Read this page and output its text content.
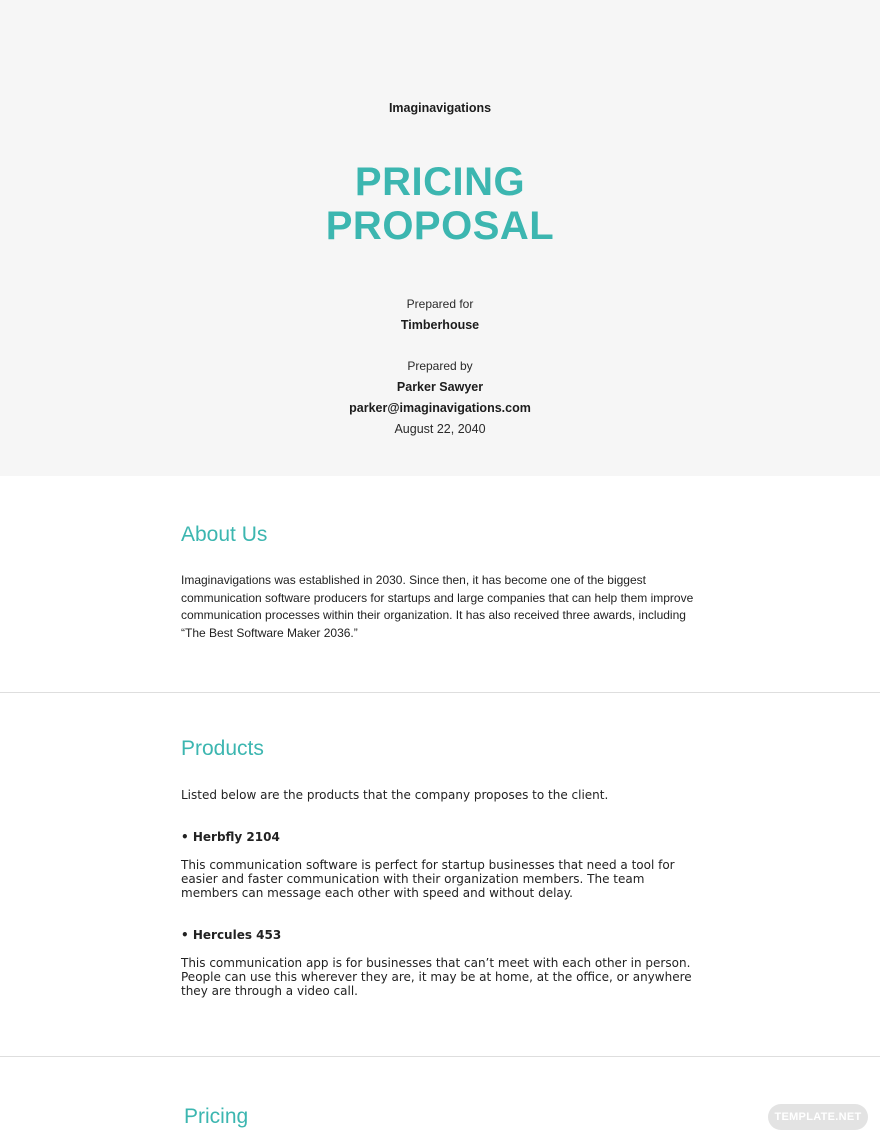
Imaginavigations
PRICING
PROPOSAL
Prepared for
Timberhouse
Prepared by
Parker Sawyer
parker@imaginavigations.com
August 22, 2040
About Us
Imaginavigations was established in 2030. Since then, it has become one of the biggest communication software producers for startups and large companies that can help them improve communication processes within their organization. It has also received three awards, including “The Best Software Maker 2036.”
Products
Listed below are the products that the company proposes to the client.
• Herbfly 2104
This communication software is perfect for startup businesses that need a tool for easier and faster communication with their organization members. The team members can message each other with speed and without delay.
• Hercules 453
This communication app is for businesses that can’t meet with each other in person. People can use this wherever they are, it may be at home, at the office, or anywhere they are through a video call.
Pricing	TEMPLATE.NET
